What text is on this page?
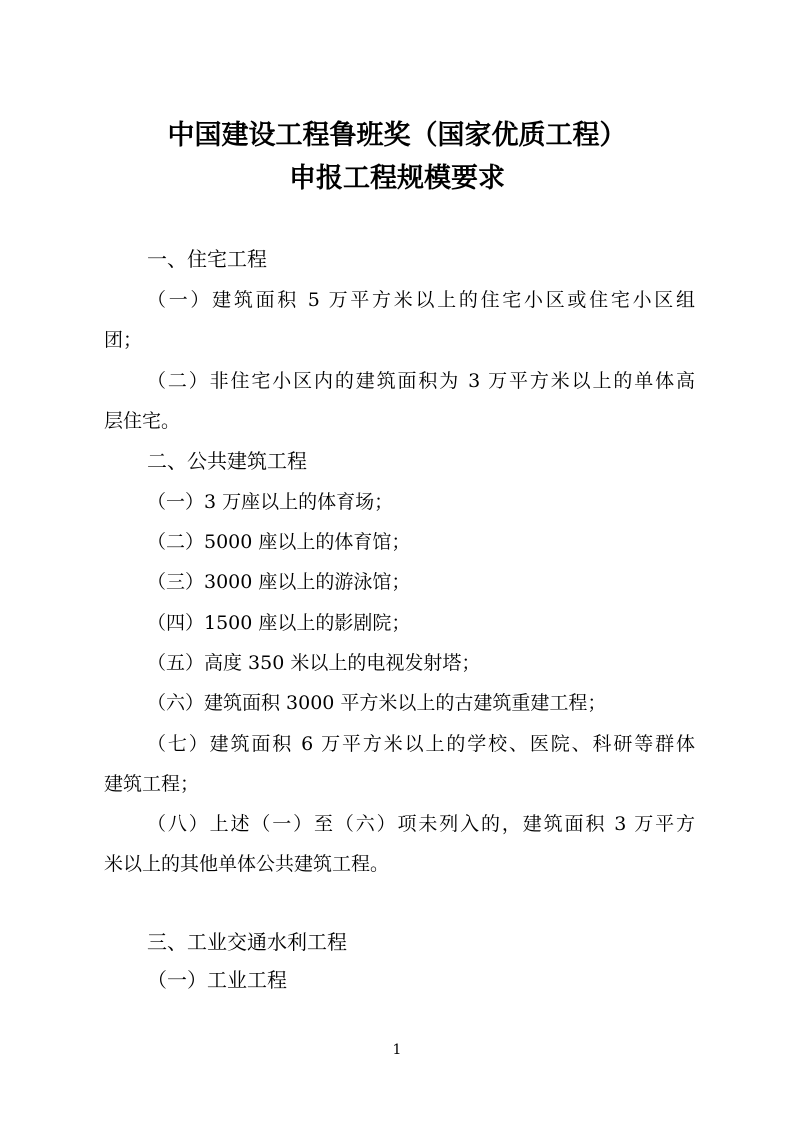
中国建设工程鲁班奖（国家优质工程）
申报工程规模要求
一、住宅工程
（一）建筑面积 5 万平方米以上的住宅小区或住宅小区组
团；
（二）非住宅小区内的建筑面积为 3 万平方米以上的单体高
层住宅。
二、公共建筑工程
（一）3 万座以上的体育场；
（二）5000 座以上的体育馆；
（三）3000 座以上的游泳馆；
（四）1500 座以上的影剧院；
（五）高度 350 米以上的电视发射塔；
（六）建筑面积 3000 平方米以上的古建筑重建工程；
（七）建筑面积 6 万平方米以上的学校、医院、科研等群体
建筑工程；
（八）上述（一）至（六）项未列入的，建筑面积 3 万平方
米以上的其他单体公共建筑工程。
三、工业交通水利工程
（一）工业工程
1
